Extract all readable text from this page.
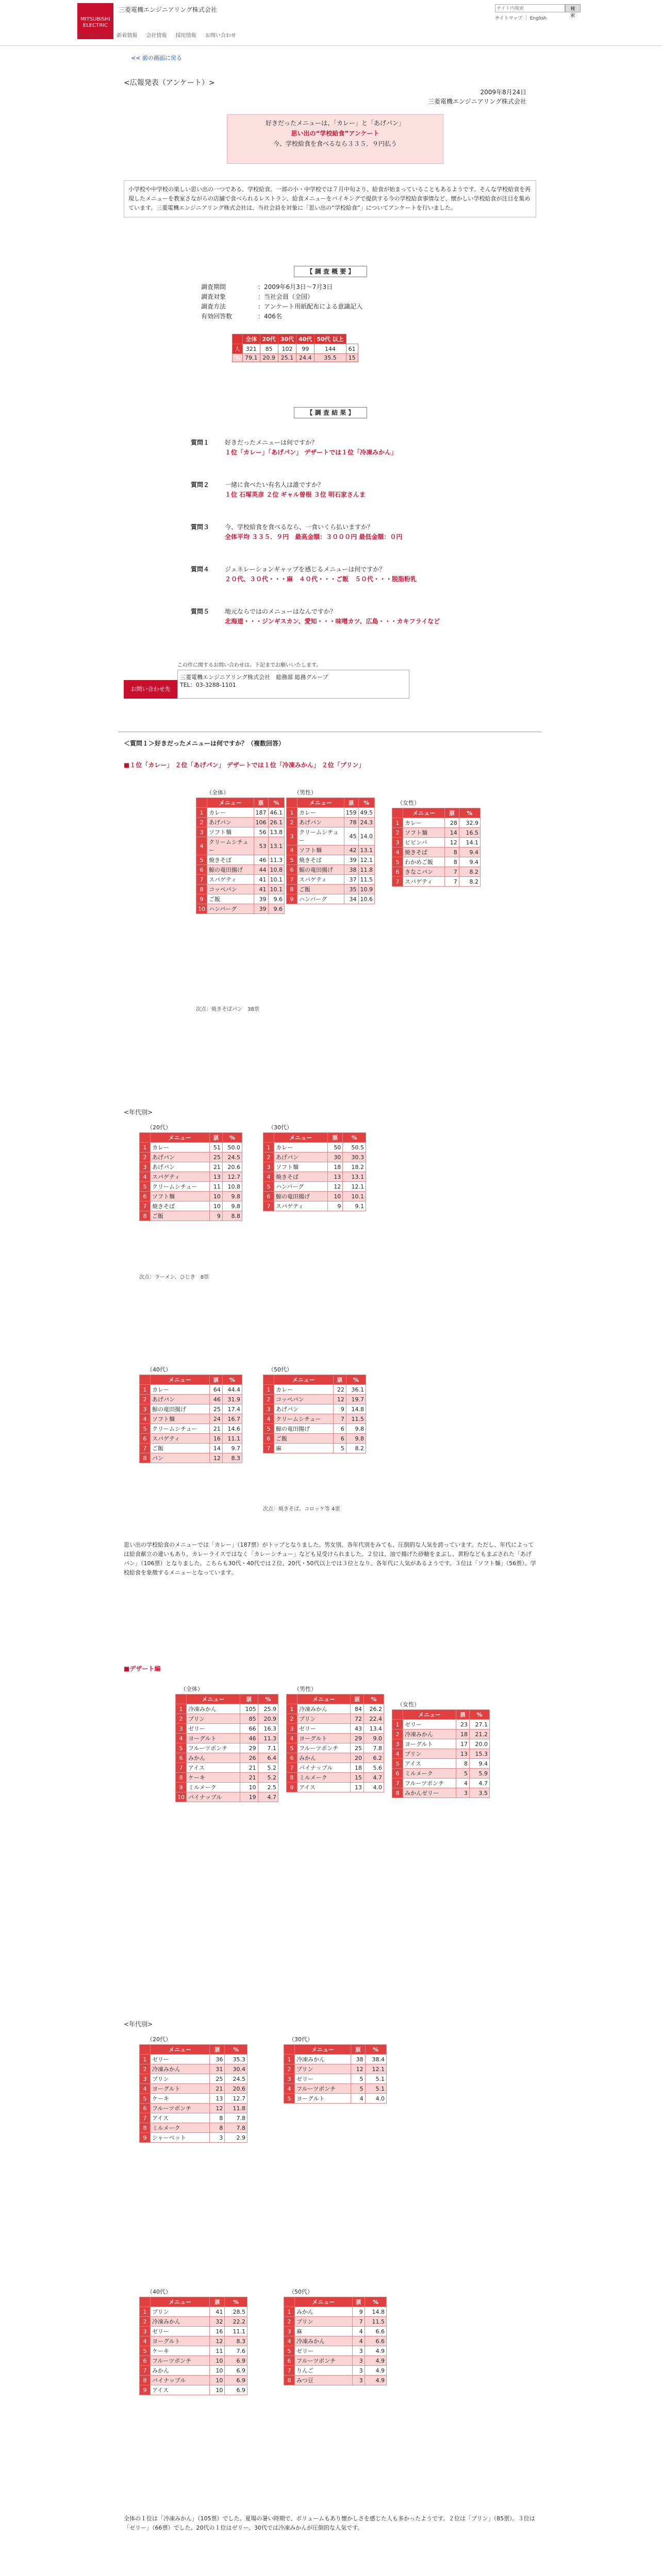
MITSUBISHI ELECTRIC
三菱電機エンジニアリング株式会社
トップページ 新着情報 会社情報 採用情報 お問い合わせ
サイト内検索
検索
サイトマップ ｜ English
<< 前の画面に戻る
<広報発表（アンケート）>
2009年8月24日
三菱電機エンジニアリング株式会社
好きだったメニューは、「カレー」と「あげパン」
思い出の“学校給食”アンケート
今、学校給食を食べるなら３３５．９円払う
小学校や中学校の楽しい思い出の一つである、学校給食。一部の小・中学校では７月中旬より、給食が始まっていることもあるようです。そんな学校給食を再現したメニューを教室さながらの店舗で食べられるレストラン、給食メニューをバイキングで提供する今の学校給食事情など、懐かしい学校給食が注目を集めています。三菱電機エンジニアリング株式会社は、当社会員を対象に「思い出の“学校給食”」についてアンケートを行いました。
【 調 査 概 要 】
調査期間	：2009年6月3日〜7月3日
調査対象	：当社会員（全国）
調査方法	：アンケート用紙配布による意識記入
有効回答数	：406名
	全体	20代	30代	40代	50代 以上	
人	321	85	102	99	144	61
%	79.1	20.9	25.1	24.4	35.5	15
【 調 査 結 果 】
質問１ 好きだったメニューは何ですか？
１位「カレー」「あげパン」 デザートでは１位「冷凍みかん」
質問２ 一緒に食べたい有名人は誰ですか？
１位 石塚英彦 ２位 ギャル曽根 ３位 明石家さんま
質問３ 今、学校給食を食べるなら、一食いくら払いますか？
全体平均 ３３５．９円　最高金額：３０００円 最低金額：０円
質問４ ジェネレーションギャップを感じるメニューは何ですか？
２０代、３０代・・・麻　４０代・・・ご飯　５０代・・・脱脂粉乳
質問５ 地元ならではのメニューはなんですか？
北海道・・・ジンギスカン、愛知・・・味噌カツ、広島・・・カキフライなど
この件に関するお問い合わせは、下記までお願いいたします。
お問い合わせ先
三菱電機エンジニアリング株式会社　総務部 総務グループ
TEL：03-3288-1101
＜質問１＞好きだったメニューは何ですか？（複数回答）
■１位「カレー」 ２位「あげパン」 デザートでは１位「冷凍みかん」 ２位「プリン」
（全体）	（男性）
（女性）
	メニュー	票	%
1	カレー	187	46.1
2	あげパン	106	26.1
3	ソフト麺	56	13.8
4	クリームシチュー	53	13.1
5	焼きそば	46	11.3
6	鯨の竜田揚げ	44	10.8
7	スパゲティ	41	10.1
8	コッペパン	41	10.1
9	ご飯	39	9.6
10	ハンバーグ	39	9.6
	メニュー	票	%
1	カレー	159	49.5
2	あげパン	78	24.3
3	クリームシチュー	45	14.0
4	ソフト麺	42	13.1
5	焼きそば	39	12.1
6	鯨の竜田揚げ	38	11.8
7	スパゲティ	37	11.5
8	ご飯	35	10.9
9	ハンバーグ	34	10.6
	メニュー	票	%
1	カレー	28	32.9
2	ソフト麺	14	16.5
3	ビビンバ	12	14.1
4	焼きそば	8	9.4
5	わかめご飯	8	9.4
6	きなこパン	7	8.2
7	スパゲティ	7	8.2
次点：焼きそばパン　38票
<年代別>
（20代）	（30代）
	メニュー	票	%
1	カレー	51	50.0
2	あげパン	25	24.5
3	あげパン	21	20.6
4	スパゲティ	13	12.7
5	クリームシチュー	11	10.8
6	ソフト麺	10	9.8
7	焼きそば	10	9.8
8	ご飯	9	8.8
	メニュー	票	%
1	カレー	50	50.5
2	あげパン	30	30.3
3	ソフト麺	18	18.2
4	焼きそば	13	13.1
5	ハンバーグ	12	12.1
6	鯨の竜田揚げ	10	10.1
7	スパゲティ	9	9.1
次点：ラーメン、ひじき　8票
（40代）	（50代）
	メニュー	票	%
1	カレー	64	44.4
2	あげパン	46	31.9
3	鯨の竜田揚げ	25	17.4
4	ソフト麺	24	16.7
5	クリームシチュー	21	14.6
6	スパゲティ	16	11.1
7	ご飯	14	9.7
8	パン	12	8.3
	メニュー	票	%
1	カレー	22	36.1
2	コッペパン	12	19.7
3	あげパン	9	14.8
4	クリームシチュー	7	11.5
5	鯨の竜田揚げ	6	9.8
6	ご飯	6	9.8
7	麻	5	8.2
次点：焼きそば、コロッケ等 4票
思い出の学校給食のメニューでは「カレー」（187票）がトップとなりました。男女別、各年代別をみても、圧倒的な人気を誇っています。ただし、年代によっては給食献立の違いもあり、カレーライスではなく「カレーシチュー」なども見受けられました。２位は、油で揚げた砂糖をまぶし、黄粉などもまぶされた「あげパン」（106票）となりました。こちらも30代・40代では２位、20代・50代以上では３位となり、各年代に人気があるようです。３位は「ソフト麺」（56票）。学校給食を象徴するメニューとなっています。
■デザート編
（全体）	（男性）
（女性）
	メニュー	票	%
1	冷凍みかん	105	25.9
2	プリン	85	20.9
3	ゼリー	66	16.3
4	ヨーグルト	46	11.3
5	フルーツポンチ	29	7.1
6	みかん	26	6.4
7	アイス	21	5.2
8	ケーキ	21	5.2
9	ミルメーク	10	2.5
10	パイナップル	19	4.7
	メニュー	票	%
1	冷凍みかん	84	26.2
2	プリン	72	22.4
3	ゼリー	43	13.4
4	ヨーグルト	29	9.0
5	フルーツポンチ	25	7.8
6	みかん	20	6.2
7	パイナップル	18	5.6
8	ミルメーク	15	4.7
9	アイス	13	4.0
	メニュー	票	%
1	ゼリー	23	27.1
2	冷凍みかん	18	21.2
3	ヨーグルト	17	20.0
4	プリン	13	15.3
5	アイス	8	9.4
6	ミルメーク	5	5.9
7	フルーツポンチ	4	4.7
8	みかんゼリー	3	3.5
<年代別>
（20代）	（30代）
	メニュー	票	%
1	ゼリー	36	35.3
2	冷凍みかん	31	30.4
3	プリン	25	24.5
4	ヨーグルト	21	20.6
5	ケーキ	13	12.7
6	フルーツポンチ	12	11.8
7	アイス	8	7.8
8	ミルメーク	8	7.8
9	シャーベット	3	2.9
	メニュー	票	%
1	冷凍みかん	38	38.4
2	プリン	12	12.1
3	ゼリー	5	5.1
4	フルーツポンチ	5	5.1
5	ヨーグルト	4	4.0
（40代）	（50代）
	メニュー	票	%
1	プリン	41	28.5
2	冷凍みかん	32	22.2
3	ゼリー	16	11.1
4	ヨーグルト	12	8.3
5	ケーキ	11	7.6
6	フルーツポンチ	10	6.9
7	みかん	10	6.9
8	パイナップル	10	6.9
9	アイス	10	6.9
	メニュー	票	%
1	みかん	9	14.8
2	プリン	7	11.5
3	麻	4	6.6
4	冷凍みかん	4	6.6
5	ゼリー	3	4.9
6	フルーツポンチ	3	4.9
7	りんご	3	4.9
8	みつ豆	3	4.9
全体の１位は「冷凍みかん」（105票）でした。夏場の暑い時期で、ボリュームもあり懐かしさを感じた人も多かったようです。２位は「プリン」（85票）。３位は「ゼリー」（66票）でした。20代の１位はゼリー、30代では冷凍みかんが圧倒的な人気です。
